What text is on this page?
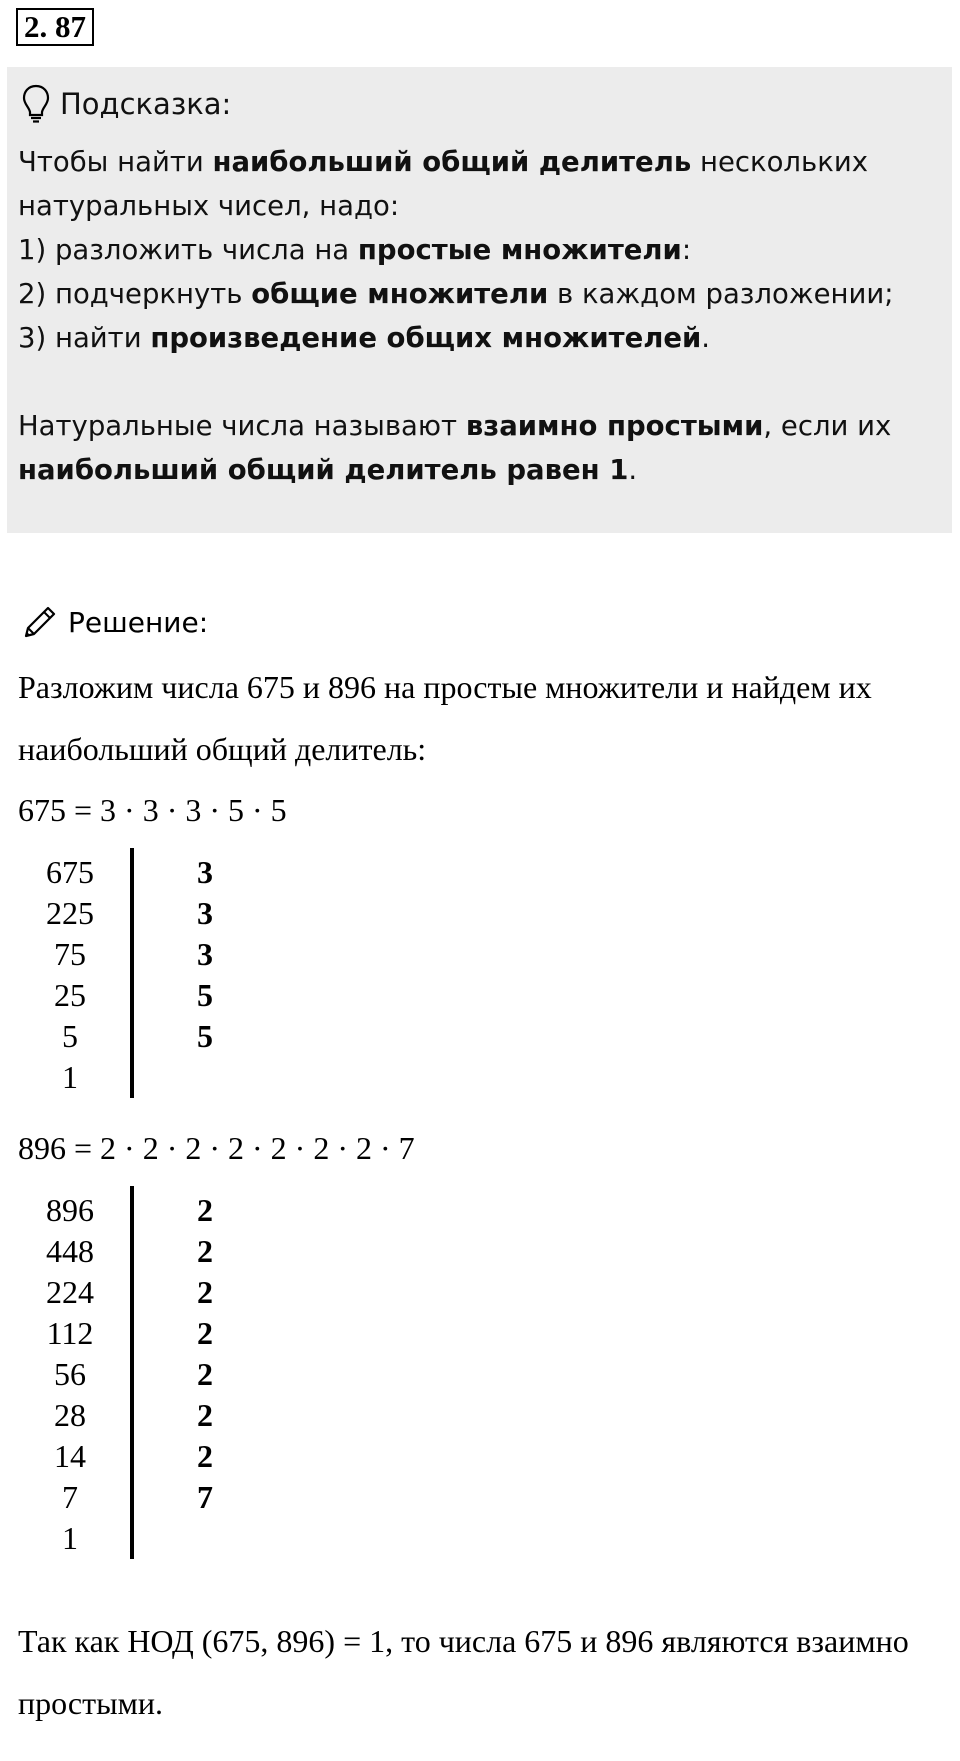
2. 87
Подсказка:
Чтобы найти наибольший общий делитель нескольких натуральных чисел, надо:
1) разложить числа на простые множители:
2) подчеркнуть общие множители в каждом разложении;
3) найти произведение общих множителей.
Натуральные числа называют взаимно простыми, если их наибольший общий делитель равен 1.
Решение:
Разложим числа 675 и 896 на простые множители и найдем их наибольший общий делитель:
675 = 3 · 3 · 3 · 5 · 5
675	3
225	3
75	3
25	5
5	5
1
896 = 2 · 2 · 2 · 2 · 2 · 2 · 2 · 7
896	2
448	2
224	2
112	2
56	2
28	2
14	2
7	7
1
Так как НОД (675, 896) = 1, то числа 675 и 896 являются взаимно простыми.
